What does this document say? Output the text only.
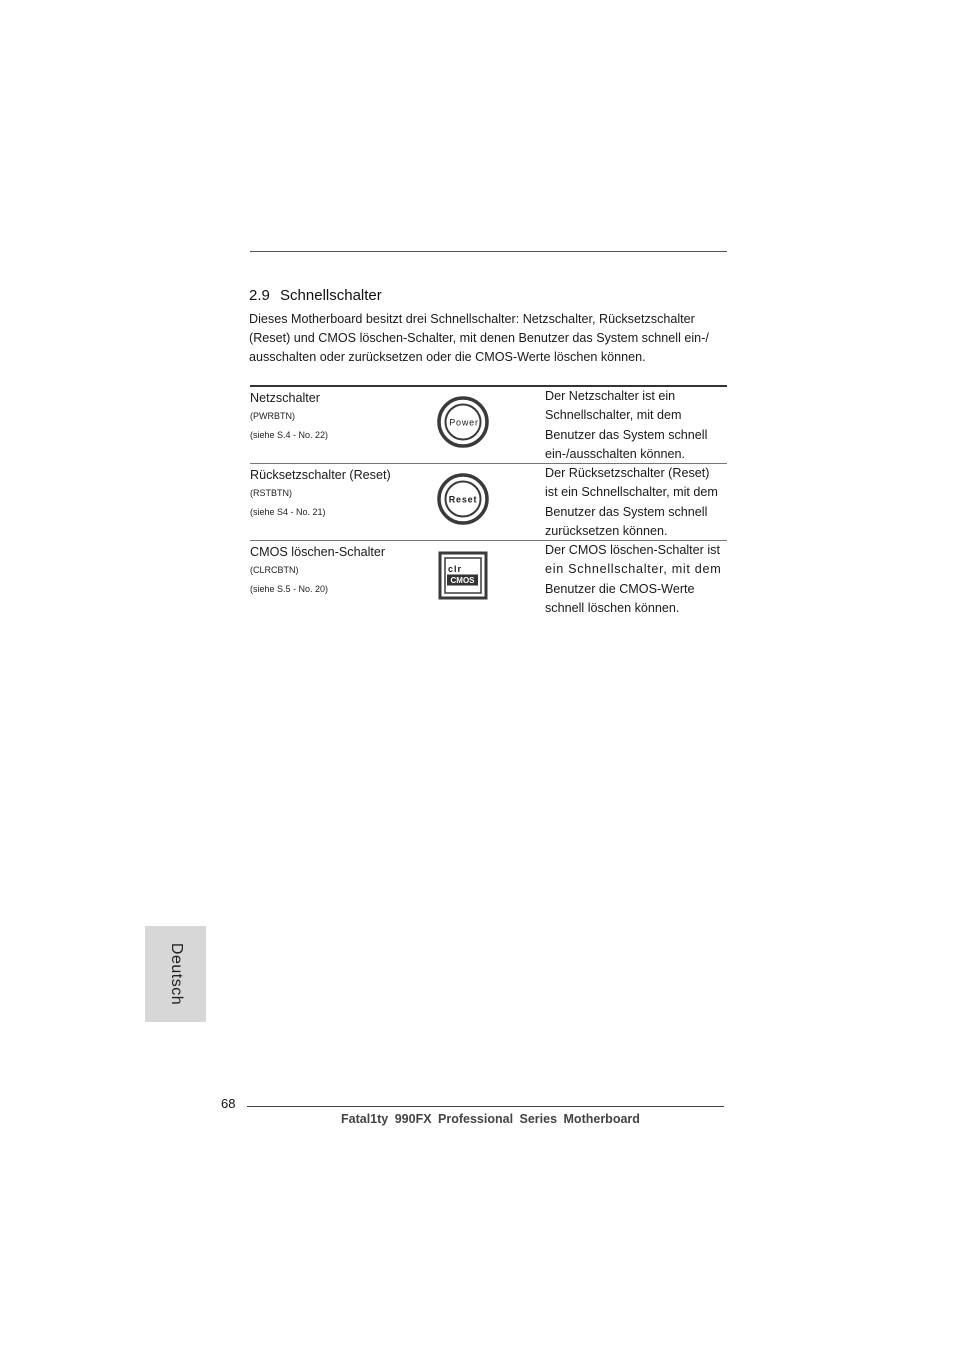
2.9 Schnellschalter

Dieses Motherboard besitzt drei Schnellschalter: Netzschalter, Rücksetzschalter

(Reset) und CMOS löschen-Schalter, mit denen Benutzer das System schnell ein-/

ausschalten oder zurücksetzen oder die CMOS-Werte löschen können.

Netzschalter
(PWRBTN)
(siehe S.4 - No. 22)
Power
Der Netzschalter ist ein
Schnellschalter, mit dem
Benutzer das System schnell
ein-/ausschalten können.
Rücksetzschalter (Reset)
(RSTBTN)
(siehe S4 - No. 21)
Reset
Der Rücksetzschalter (Reset)
ist ein Schnellschalter, mit dem
Benutzer das System schnell
zurücksetzen können.
CMOS löschen-Schalter
(CLRCBTN)
(siehe S.5 - No. 20)
clr
CMOS
Der CMOS löschen-Schalter ist
ein Schnellschalter, mit dem
Benutzer die CMOS-Werte
schnell löschen können.
Deutsch
68
Fatal1ty 990FX Professional Series Motherboard
